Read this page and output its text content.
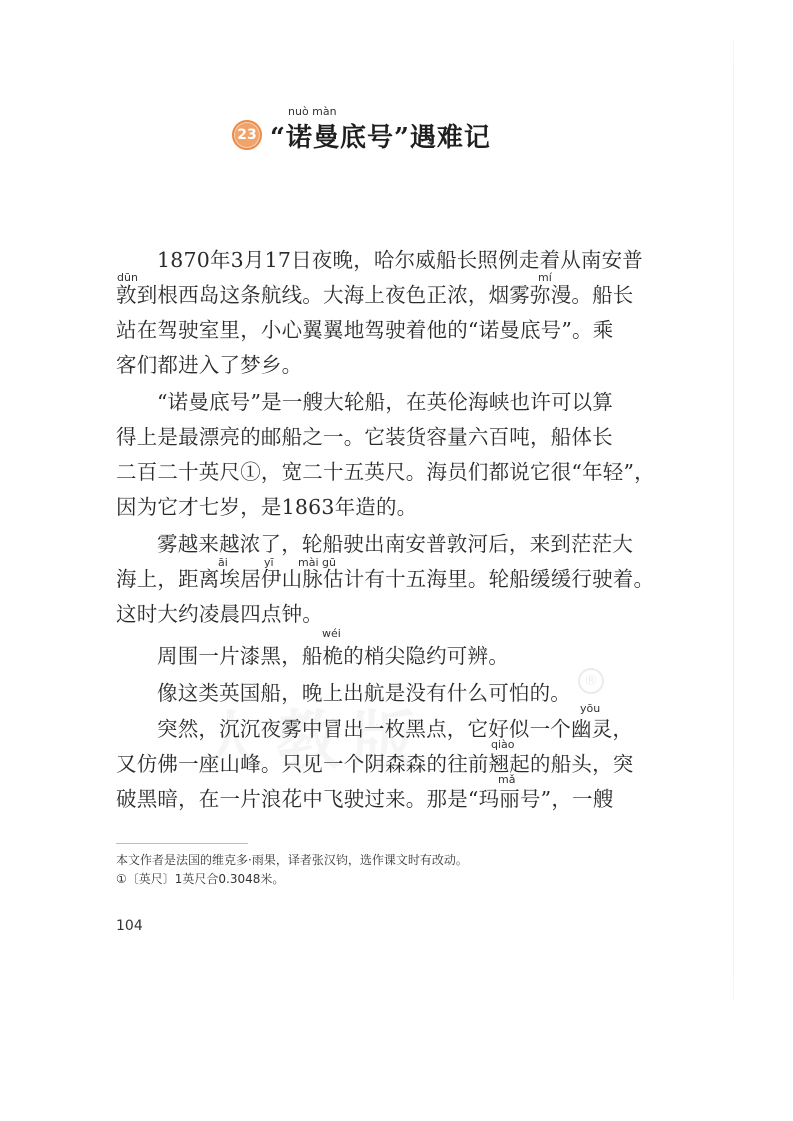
nuò màn
23 “诺曼底号”遇难记
1870年3月17日夜晚，哈尔威船长照例走着从南安普
敦到根西岛这条航线。大海上夜色正浓，烟雾弥漫。船长
站在驾驶室里，小心翼翼地驾驶着他的“诺曼底号”。乘
客们都进入了梦乡。
dūn	mí
“诺曼底号”是一艘大轮船，在英伦海峡也许可以算
得上是最漂亮的邮船之一。它装货容量六百吨，船体长
二百二十英尺①，宽二十五英尺。海员们都说它很“年轻”，
因为它才七岁，是1863年造的。
雾越来越浓了，轮船驶出南安普敦河后，来到茫茫大
海上，距离埃居伊山脉估计有十五海里。轮船缓缓行驶着。
这时大约凌晨四点钟。
āi	yī mài gū
周围一片漆黑，船桅的梢尖隐约可辨。
wéi
像这类英国船，晚上出航是没有什么可怕的。
突然，沉沉夜雾中冒出一枚黑点，它好似一个幽灵，
又仿佛一座山峰。只见一个阴森森的往前翘起的船头，突
破黑暗，在一片浪花中飞驶过来。那是“玛丽号”，一艘
yōu
qiào
mǎ
®
本文作者是法国的维克多·雨果，译者张汉钧，选作课文时有改动。
①〔英尺〕1英尺合0.3048米。
104
